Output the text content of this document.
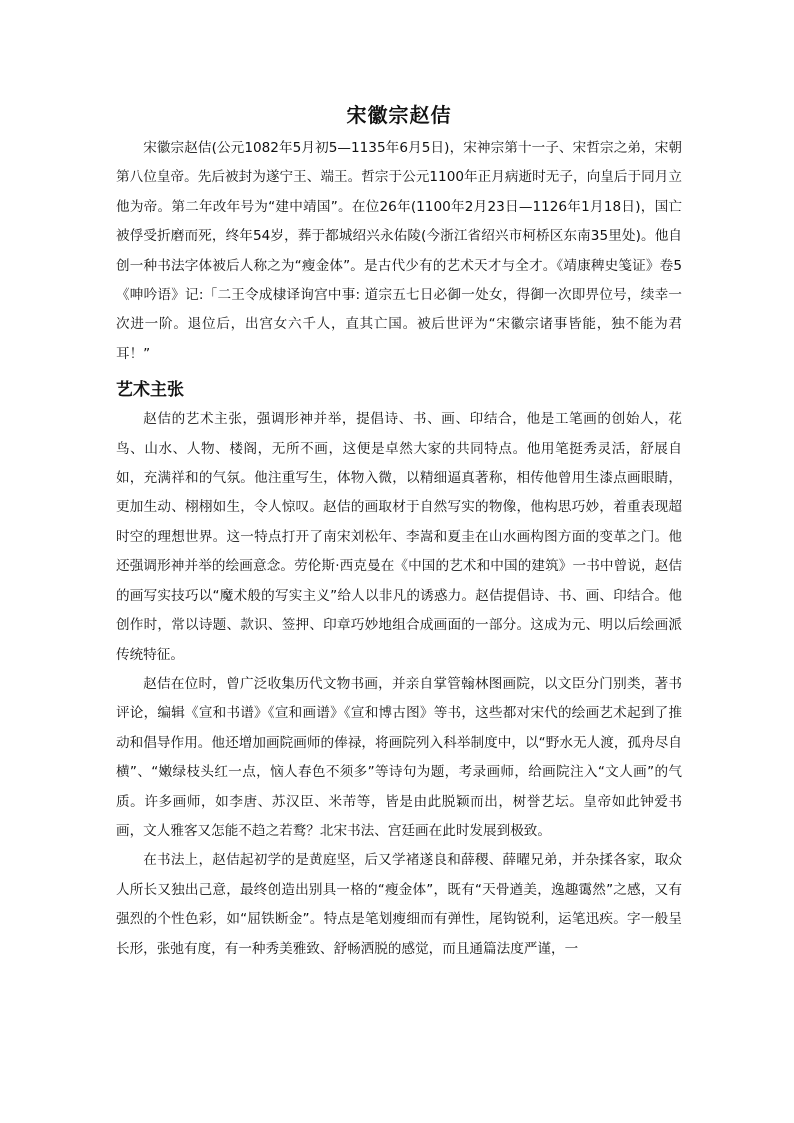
宋徽宗赵佶

宋徽宗赵佶(公元1082年5月初5—1135年6月5日)，宋神宗第十一子、宋哲宗之弟，宋朝第八位皇帝。先后被封为遂宁王、端王。哲宗于公元1100年正月病逝时无子，向皇后于同月立他为帝。第二年改年号为“建中靖国”。在位26年(1100年2月23日—1126年1月18日)，国亡被俘受折磨而死，终年54岁，葬于都城绍兴永佑陵(今浙江省绍兴市柯桥区东南35里处)。他自创一种书法字体被后人称之为“瘦金体”。是古代少有的艺术天才与全才。《靖康稗史笺证》卷5《呻吟语》记:「二王令成棣译询宫中事: 道宗五七日必御一处女，得御一次即畀位号，续幸一次进一阶。退位后，出宫女六千人，直其亡国。被后世评为“宋徽宗诸事皆能，独不能为君耳！”

艺术主张

赵佶的艺术主张，强调形神并举，提倡诗、书、画、印结合，他是工笔画的创始人，花鸟、山水、人物、楼阁，无所不画，这便是卓然大家的共同特点。他用笔挺秀灵活，舒展自如，充满祥和的气氛。他注重写生，体物入微，以精细逼真著称，相传他曾用生漆点画眼睛，更加生动、栩栩如生，令人惊叹。赵佶的画取材于自然写实的物像，他构思巧妙，着重表现超时空的理想世界。这一特点打开了南宋刘松年、李嵩和夏圭在山水画构图方面的变革之门。他还强调形神并举的绘画意念。劳伦斯·西克曼在《中国的艺术和中国的建筑》一书中曾说，赵佶的画写实技巧以“魔术般的写实主义”给人以非凡的诱惑力。赵佶提倡诗、书、画、印结合。他创作时，常以诗题、款识、签押、印章巧妙地组合成画面的一部分。这成为元、明以后绘画派传统特征。

赵佶在位时，曾广泛收集历代文物书画，并亲自掌管翰林图画院，以文臣分门别类，著书评论，编辑《宣和书谱》《宣和画谱》《宣和博古图》等书，这些都对宋代的绘画艺术起到了推动和倡导作用。他还增加画院画师的俸禄，将画院列入科举制度中，以“野水无人渡，孤舟尽自横”、“嫩绿枝头红一点，恼人春色不须多”等诗句为题，考录画师，给画院注入“文人画”的气质。许多画师，如李唐、苏汉臣、米芾等，皆是由此脱颖而出，树誉艺坛。皇帝如此钟爱书画，文人雅客又怎能不趋之若鹜？北宋书法、宫廷画在此时发展到极致。

在书法上，赵佶起初学的是黄庭坚，后又学褚遂良和薛稷、薛曜兄弟，并杂揉各家，取众人所长又独出己意，最终创造出别具一格的“瘦金体”，既有“天骨遒美，逸趣霭然”之感，又有强烈的个性色彩，如“屈铁断金”。特点是笔划瘦细而有弹性，尾钩锐利，运笔迅疾。字一般呈长形，张弛有度，有一种秀美雅致、舒畅洒脱的感觉，而且通篇法度严谨，一
